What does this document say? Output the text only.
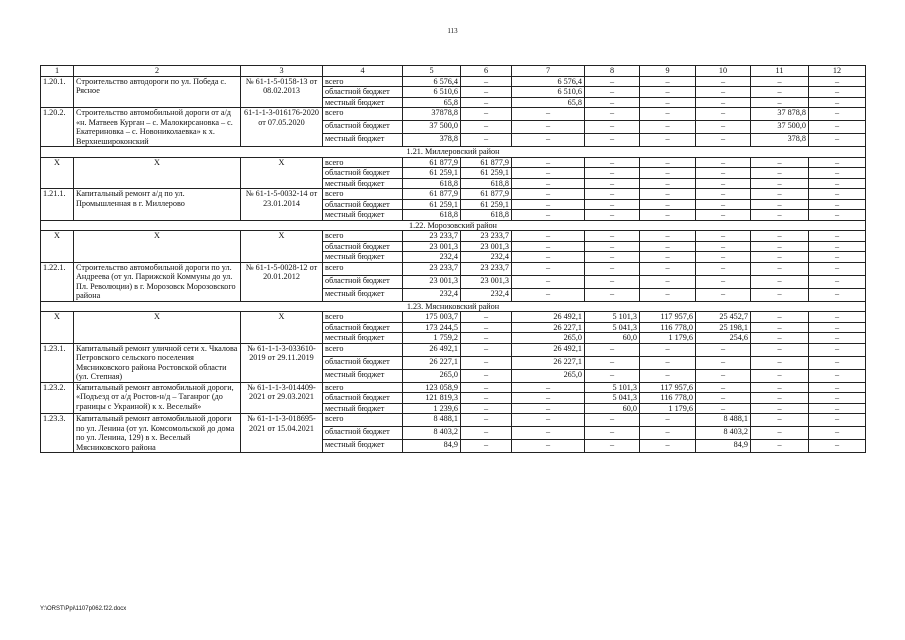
113
1	2	3	4	5	6	7	8	9	10	11	12
1.20.1.	Строительство автодороги по ул. Победа с. Рясное	№ 61-1-5-0158-13 от 08.02.2013	всего	6 576,4	–	6 576,4	–	–	–	–	–
			областной бюджет	6 510,6	–	6 510,6	–	–	–	–	–
			местный бюджет	65,8	–	65,8	–	–	–	–	–
1.20.2.	Строительство автомобильной дороги от а/д «н. Матвеев Курган – с. Малокирсановка – с. Екатериновка – с. Новониколаевка» к х. Верхнешироконский	61-1-1-3-016176-2020 от 07.05.2020	всего	37878,8	–	–	–	–	–	37 878,8	–
			областной бюджет	37 500,0	–	–	–	–	–	37 500,0	–
			местный бюджет	378,8	–	–	–	–	–	378,8	–
1.21. Миллеровский район											
Х	Х	Х	всего	61 877,9	61 877,9	–	–	–	–	–	–
			областной бюджет	61 259,1	61 259,1	–	–	–	–	–	–
			местный бюджет	618,8	618,8	–	–	–	–	–	–
1.21.1.	Капитальный ремонт а/д по ул. Промышленная в г. Миллерово	№ 61-1-5-0032-14 от 23.01.2014	всего	61 877,9	61 877,9	–	–	–	–	–	–
			областной бюджет	61 259,1	61 259,1	–	–	–	–	–	–
			местный бюджет	618,8	618,8	–	–	–	–	–	–
1.22. Морозовский район											
Х	Х	Х	всего	23 233,7	23 233,7	–	–	–	–	–	–
			областной бюджет	23 001,3	23 001,3	–	–	–	–	–	–
			местный бюджет	232,4	232,4	–	–	–	–	–	–
1.22.1.	Строительство автомобильной дороги по ул. Андреева (от ул. Парижской Коммуны до ул. Пл. Революции) в г. Морозовск Морозовского района	№ 61-1-5-0028-12 от 20.01.2012	всего	23 233,7	23 233,7	–	–	–	–	–	–
			областной бюджет	23 001,3	23 001,3	–	–	–	–	–	–
			местный бюджет	232,4	232,4	–	–	–	–	–	–
1.23. Мясниковский район											
Х	Х	Х	всего	175 003,7	–	26 492,1	5 101,3	117 957,6	25 452,7	–	–
			областной бюджет	173 244,5	–	26 227,1	5 041,3	116 778,0	25 198,1	–	–
			местный бюджет	1 759,2	–	265,0	60,0	1 179,6	254,6	–	–
1.23.1.	Капитальный ремонт уличной сети х. Чкалова Петровского сельского поселения Мясниковского района Ростовской области (ул. Степная)	№ 61-1-1-3-033610-2019 от 29.11.2019	всего	26 492,1	–	26 492,1	–	–	–	–	–
			областной бюджет	26 227,1	–	26 227,1	–	–	–	–	–
			местный бюджет	265,0	–	265,0	–	–	–	–	–
1.23.2.	Капитальный ремонт автомобильной дороги, «Подъезд от а/д Ростов-н/д – Таганрог (до границы с Украиной) к х. Веселый»	№ 61-1-1-3-014409-2021 от 29.03.2021	всего	123 058,9	–	–	5 101,3	117 957,6	–	–	–
			областной бюджет	121 819,3	–	–	5 041,3	116 778,0	–	–	–
			местный бюджет	1 239,6	–	–	60,0	1 179,6	–	–	–
1.23.3.	Капитальный ремонт автомобильной дороги по ул. Ленина (от ул. Комсомольской до дома по ул. Ленина, 129) в х. Веселый Мясниковского района	№ 61-1-1-3-018695-2021 от 15.04.2021	всего	8 488,1	–	–	–	–	8 488,1	–	–
			областной бюджет	8 403,2	–	–	–	–	8 403,2	–	–
			местный бюджет	84,9	–	–	–	–	84,9	–	–
Y:\ORST\Ppi\1107p062.f22.docx
